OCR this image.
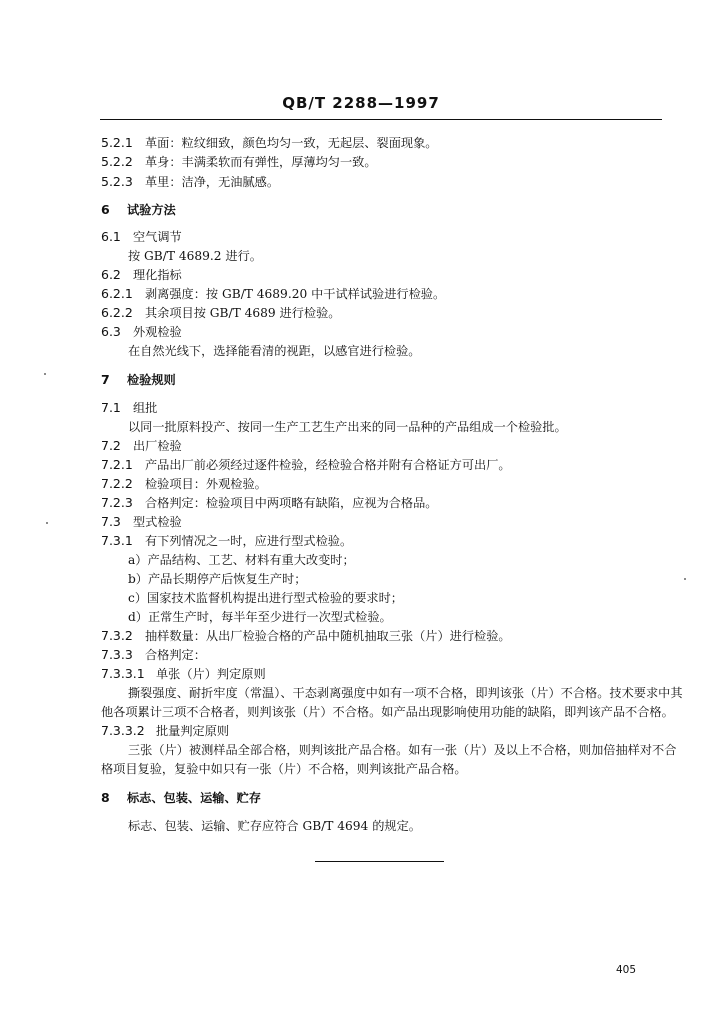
QB/T 2288—1997
5.2.1 革面：粒纹细致，颜色均匀一致，无起层、裂面现象。
5.2.2 革身：丰满柔软而有弹性，厚薄均匀一致。
5.2.3 革里：洁净，无油腻感。
6 试验方法
6.1 空气调节
按 GB/T 4689.2 进行。
6.2 理化指标
6.2.1 剥离强度：按 GB/T 4689.20 中干试样试验进行检验。
6.2.2 其余项目按 GB/T 4689 进行检验。
6.3 外观检验
在自然光线下，选择能看清的视距，以感官进行检验。
7 检验规则
7.1 组批
以同一批原料投产、按同一生产工艺生产出来的同一品种的产品组成一个检验批。
7.2 出厂检验
7.2.1 产品出厂前必须经过逐件检验，经检验合格并附有合格证方可出厂。
7.2.2 检验项目：外观检验。
7.2.3 合格判定：检验项目中两项略有缺陷，应视为合格品。
7.3 型式检验
7.3.1 有下列情况之一时，应进行型式检验。
a）产品结构、工艺、材料有重大改变时；
b）产品长期停产后恢复生产时；
c）国家技术监督机构提出进行型式检验的要求时；
d）正常生产时，每半年至少进行一次型式检验。
7.3.2 抽样数量：从出厂检验合格的产品中随机抽取三张（片）进行检验。
7.3.3 合格判定：
7.3.3.1 单张（片）判定原则
撕裂强度、耐折牢度（常温）、干态剥离强度中如有一项不合格，即判该张（片）不合格。技术要求中其
他各项累计三项不合格者，则判该张（片）不合格。如产品出现影响使用功能的缺陷，即判该产品不合格。
7.3.3.2 批量判定原则
三张（片）被测样品全部合格，则判该批产品合格。如有一张（片）及以上不合格，则加倍抽样对不合
格项目复验，复验中如只有一张（片）不合格，则判该批产品合格。
8 标志、包装、运输、贮存
标志、包装、运输、贮存应符合 GB/T 4694 的规定。
405
